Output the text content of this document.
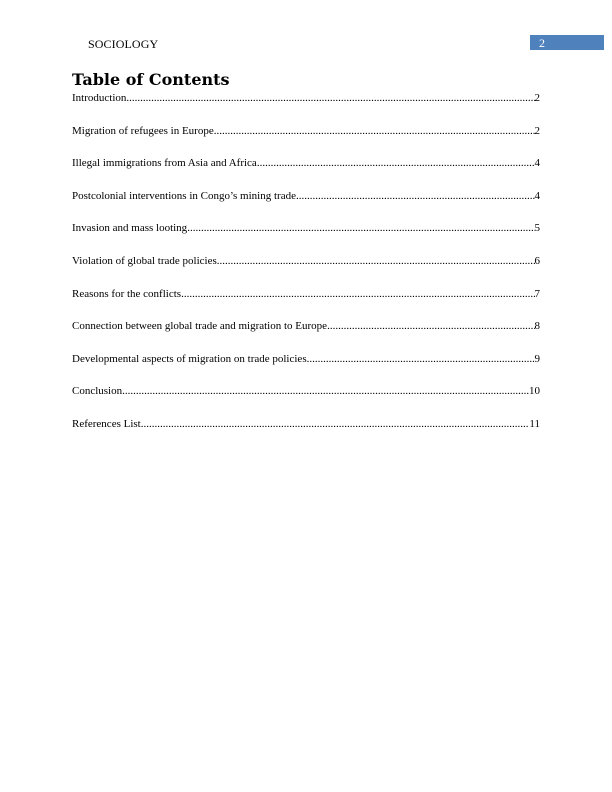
SOCIOLOGY	2
Table of Contents
Introduction .....	2
Migration of refugees in Europe .....	2
Illegal immigrations from Asia and Africa .....	4
Postcolonial interventions in Congo’s mining trade .....	4
Invasion and mass looting .....	5
Violation of global trade policies .....	6
Reasons for the conflicts .....	7
Connection between global trade and migration to Europe .....	8
Developmental aspects of migration on trade policies .....	9
Conclusion .....	10
References List .....	11
